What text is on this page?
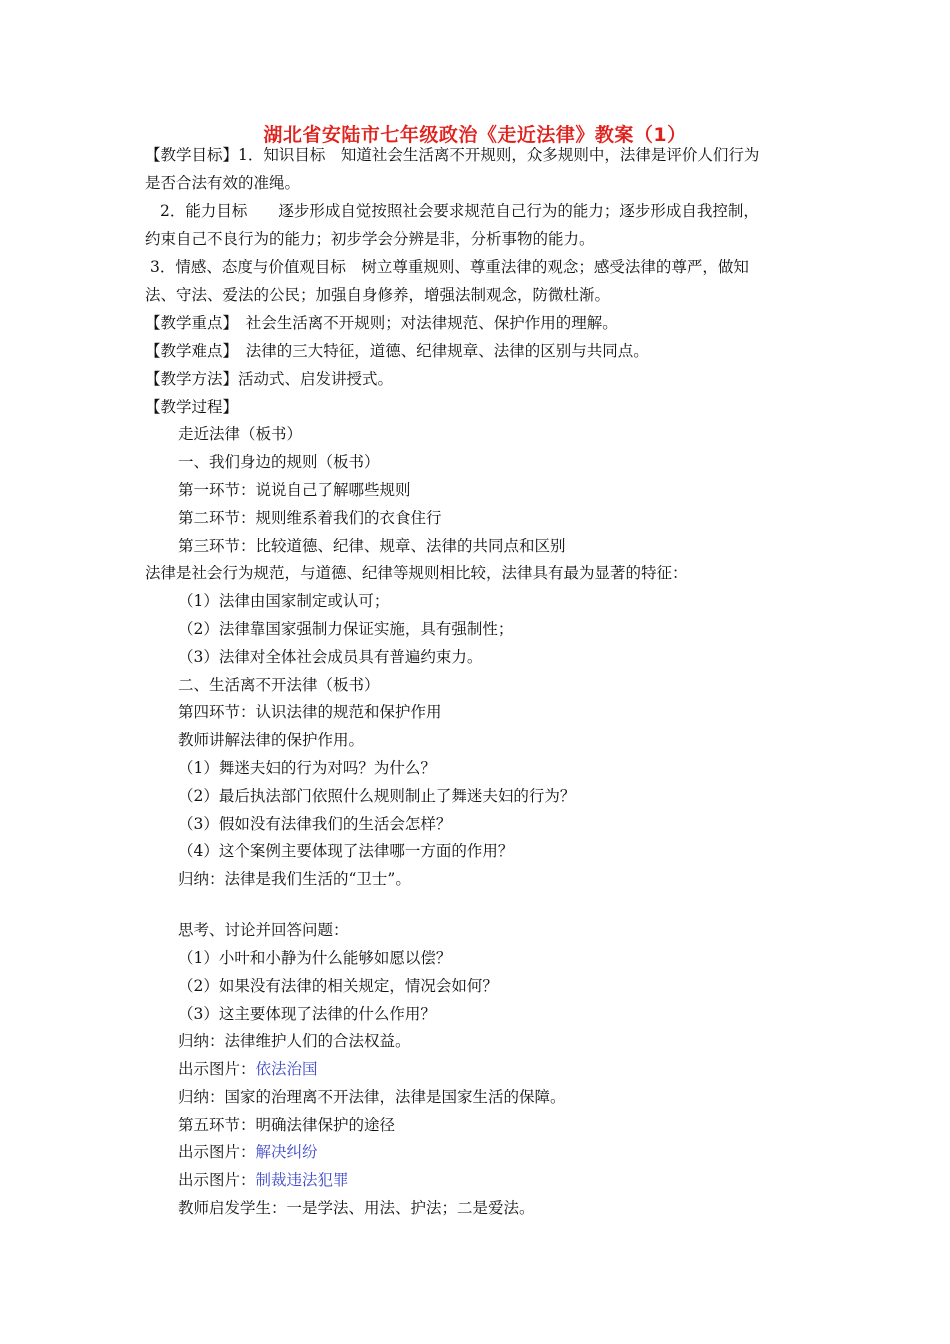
湖北省安陆市七年级政治《走近法律》教案（1）
【教学目标】1．知识目标　知道社会生活离不开规则，众多规则中，法律是评价人们行为
是否合法有效的准绳。
2．能力目标　　逐步形成自觉按照社会要求规范自己行为的能力；逐步形成自我控制，
约束自己不良行为的能力；初步学会分辨是非，分析事物的能力。
3．情感、态度与价值观目标　树立尊重规则、尊重法律的观念；感受法律的尊严，做知
法、守法、爱法的公民；加强自身修养，增强法制观念，防微杜渐。
【教学重点】　社会生活离不开规则；对法律规范、保护作用的理解。
【教学难点】　法律的三大特征，道德、纪律规章、法律的区别与共同点。
【教学方法】活动式、启发讲授式。
【教学过程】
走近法律（板书）
一、我们身边的规则（板书）
第一环节：说说自己了解哪些规则
第二环节：规则维系着我们的衣食住行
第三环节：比较道德、纪律、规章、法律的共同点和区别
法律是社会行为规范，与道德、纪律等规则相比较，法律具有最为显著的特征：
（1）法律由国家制定或认可；
（2）法律靠国家强制力保证实施，具有强制性；
（3）法律对全体社会成员具有普遍约束力。
二、生活离不开法律（板书）
第四环节：认识法律的规范和保护作用
教师讲解法律的保护作用。
（1）舞迷夫妇的行为对吗？为什么？
（2）最后执法部门依照什么规则制止了舞迷夫妇的行为？
（3）假如没有法律我们的生活会怎样？
（4）这个案例主要体现了法律哪一方面的作用？
归纳：法律是我们生活的“卫士”。
思考、讨论并回答问题：
（1）小叶和小静为什么能够如愿以偿？
（2）如果没有法律的相关规定，情况会如何？
（3）这主要体现了法律的什么作用？
归纳：法律维护人们的合法权益。
出示图片：依法治国
归纳：国家的治理离不开法律，法律是国家生活的保障。
第五环节：明确法律保护的途径
出示图片：解决纠纷
出示图片：制裁违法犯罪
教师启发学生：一是学法、用法、护法；二是爱法。
